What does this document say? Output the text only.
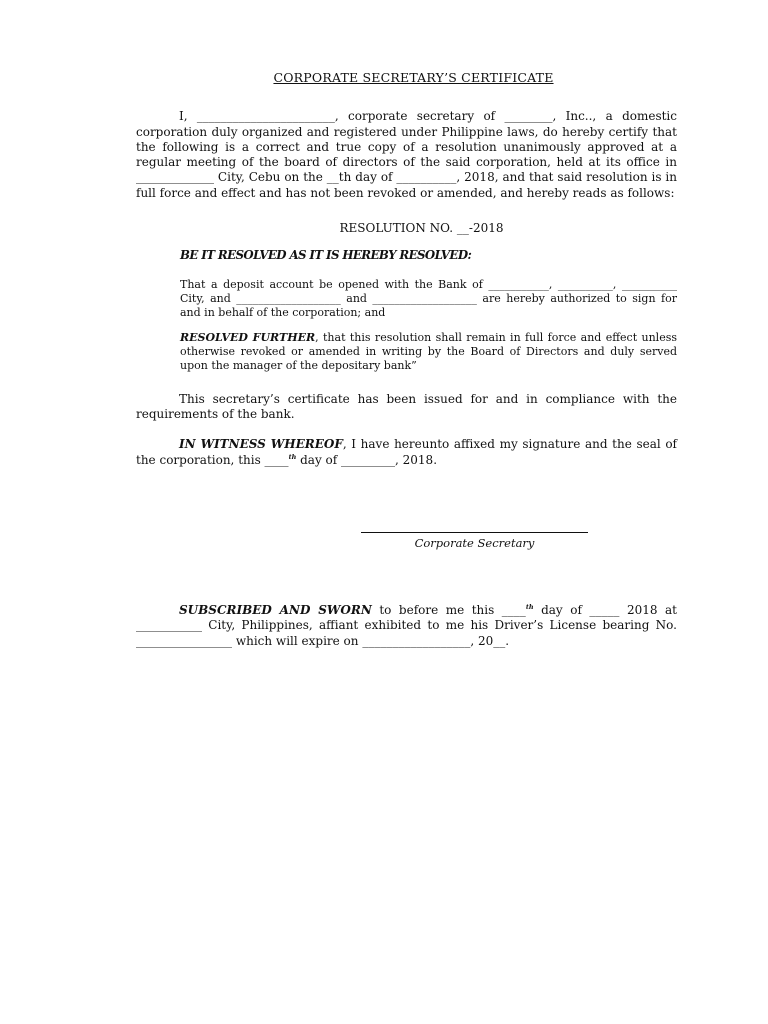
CORPORATE SECRETARY’S CERTIFICATE

I, _______________________, corporate secretary of ________, Inc.., a domestic corporation duly organized and registered under Philippine laws, do hereby certify that the following is a correct and true copy of a resolution unanimously approved at a regular meeting of the board of directors of the said corporation, held at its office in _____________ City, Cebu on the __th day of __________, 2018, and that said resolution is in full force and effect and has not been revoked or amended, and hereby reads as follows:

RESOLUTION NO. __-2018

BE IT RESOLVED AS IT IS HEREBY RESOLVED:

That a deposit account be opened with the Bank of ___________, __________, __________ City, and ___________________ and ___________________ are hereby authorized to sign for and in behalf of the corporation; and

RESOLVED FURTHER, that this resolution shall remain in full force and effect unless otherwise revoked or amended in writing by the Board of Directors and duly served upon the manager of the depositary bank”

This secretary’s certificate has been issued for and in compliance with the requirements of the bank.

IN WITNESS WHEREOF, I have hereunto affixed my signature and the seal of the corporation, this ____$^{th}$ day of _________, 2018.

Corporate Secretary

SUBSCRIBED AND SWORN to before me this ____$^{th}$ day of _____ 2018 at ___________ City, Philippines, affiant exhibited to me his Driver’s License bearing No. ________________ which will expire on __________________, 20__.
